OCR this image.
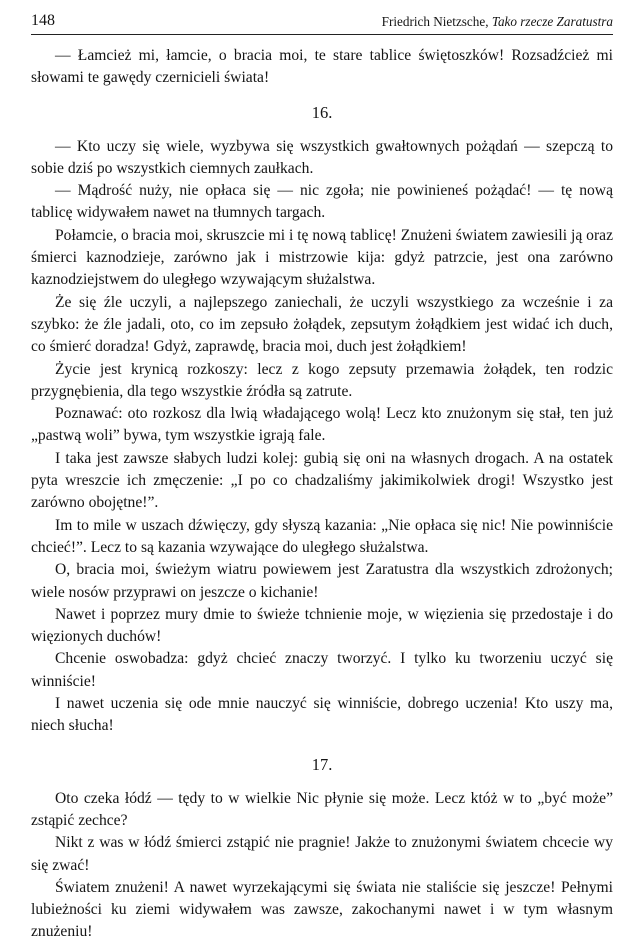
148	Friedrich Nietzsche, Tako rzecze Zaratustra

— Łamcież mi, łamcie, o bracia moi, te stare tablice świętoszków! Rozsadźcież mi słowami te gawędy czernicieli świata!

16.

— Kto uczy się wiele, wyzbywa się wszystkich gwałtownych pożądań — szepczą to sobie dziś po wszystkich ciemnych zaułkach.

— Mądrość nuży, nie opłaca się — nic zgoła; nie powinieneś pożądać! — tę nową tablicę widywałem nawet na tłumnych targach.

Połamcie, o bracia moi, skruszcie mi i tę nową tablicę! Znużeni światem zawiesili ją oraz śmierci kaznodzieje, zarówno jak i mistrzowie kija: gdyż patrzcie, jest ona zarówno kaznodziejstwem do uległego wzywającym służalstwa.

Że się źle uczyli, a najlepszego zaniechali, że uczyli wszystkiego za wcześnie i za szybko: że źle jadali, oto, co im zepsuło żołądek, zepsutym żołądkiem jest widać ich duch, co śmierć doradza! Gdyż, zaprawdę, bracia moi, duch jest żołądkiem!

Życie jest krynicą rozkoszy: lecz z kogo zepsuty przemawia żołądek, ten rodzic przygnębienia, dla tego wszystkie źródła są zatrute.

Poznawać: oto rozkosz dla lwią władającego wolą! Lecz kto znużonym się stał, ten już „pastwą woli” bywa, tym wszystkie igrają fale.

I taka jest zawsze słabych ludzi kolej: gubią się oni na własnych drogach. A na ostatek pyta wreszcie ich zmęczenie: „I po co chadzaliśmy jakimikolwiek drogi! Wszystko jest zarówno obojętne!”.

Im to mile w uszach dźwięczy, gdy słyszą kazania: „Nie opłaca się nic! Nie powinniście chcieć!”. Lecz to są kazania wzywające do uległego służalstwa.

O, bracia moi, świeżym wiatru powiewem jest Zaratustra dla wszystkich zdrożonych; wiele nosów przyprawi on jeszcze o kichanie!

Nawet i poprzez mury dmie to świeże tchnienie moje, w więzienia się przedostaje i do więzionych duchów!

Chcenie oswobadza: gdyż chcieć znaczy tworzyć. I tylko ku tworzeniu uczyć się winniście!

I nawet uczenia się ode mnie nauczyć się winniście, dobrego uczenia! Kto uszy ma, niech słucha!

17.

Oto czeka łódź — tędy to w wielkie Nic płynie się może. Lecz któż w to „być może” zstąpić zechce?

Nikt z was w łódź śmierci zstąpić nie pragnie! Jakże to znużonymi światem chcecie wy się zwać!

Światem znużeni! A nawet wyrzekającymi się świata nie staliście się jeszcze! Pełnymi lubieżności ku ziemi widywałem was zawsze, zakochanymi nawet i w tym własnym znużeniu!
